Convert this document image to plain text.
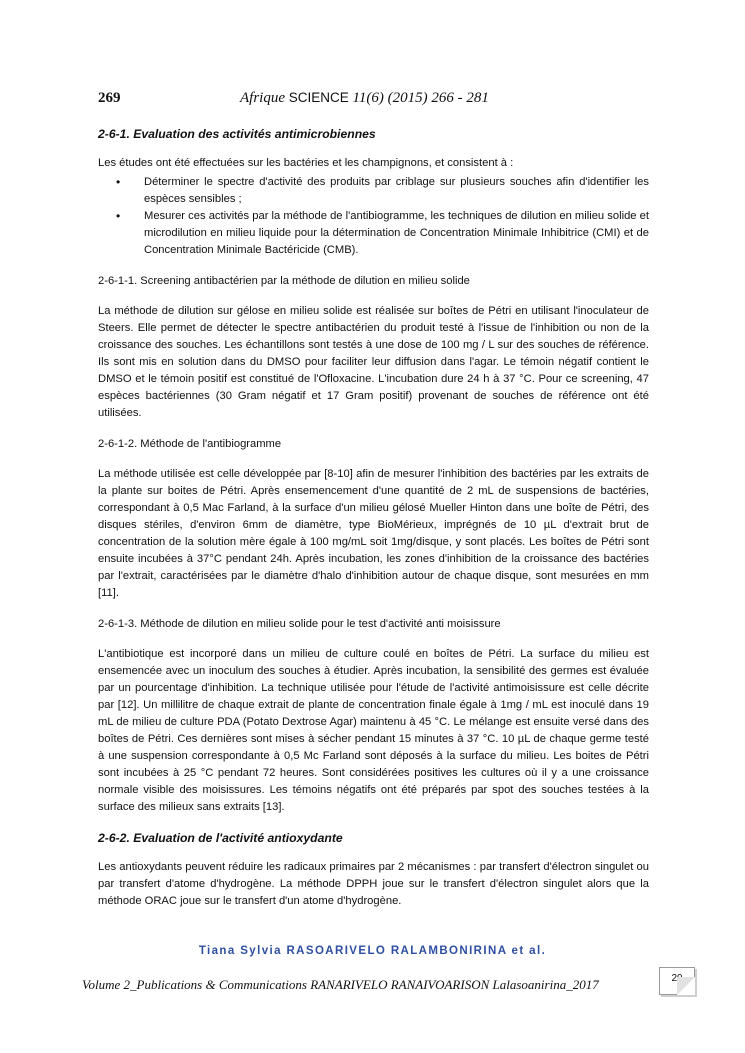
269	Afrique SCIENCE 11(6) (2015) 266 - 281
2-6-1. Evaluation des activités antimicrobiennes

Les études ont été effectuées sur les bactéries et les champignons, et consistent à :

• Déterminer le spectre d'activité des produits par criblage sur plusieurs souches afin d'identifier les espèces sensibles ;
• Mesurer ces activités par la méthode de l'antibiogramme, les techniques de dilution en milieu solide et microdilution en milieu liquide pour la détermination de Concentration Minimale Inhibitrice (CMI) et de Concentration Minimale Bactéricide (CMB).
2-6-1-1. Screening antibactérien par la méthode de dilution en milieu solide

La méthode de dilution sur gélose en milieu solide est réalisée sur boîtes de Pétri en utilisant l'inoculateur de Steers. Elle permet de détecter le spectre antibactérien du produit testé à l'issue de l'inhibition ou non de la croissance des souches. Les échantillons sont testés à une dose de 100 mg / L sur des souches de référence. Ils sont mis en solution dans du DMSO pour faciliter leur diffusion dans l'agar. Le témoin négatif contient le DMSO et le témoin positif est constitué de l'Ofloxacine. L'incubation dure 24 h à 37 °C. Pour ce screening, 47 espèces bactériennes (30 Gram négatif et 17 Gram positif) provenant de souches de référence ont été utilisées.

2-6-1-2. Méthode de l'antibiogramme

La méthode utilisée est celle développée par [8-10] afin de mesurer l'inhibition des bactéries par les extraits de la plante sur boites de Pétri. Après ensemencement d'une quantité de 2 mL de suspensions de bactéries, correspondant à 0,5 Mac Farland, à la surface d'un milieu gélosé Mueller Hinton dans une boîte de Pétri, des disques stériles, d'environ 6mm de diamètre, type BioMérieux, imprégnés de 10 µL d'extrait brut de concentration de la solution mère égale à 100 mg/mL soit 1mg/disque, y sont placés. Les boîtes de Pétri sont ensuite incubées à 37°C pendant 24h. Après incubation, les zones d'inhibition de la croissance des bactéries par l'extrait, caractérisées par le diamètre d'halo d'inhibition autour de chaque disque, sont mesurées en mm [11].

2-6-1-3. Méthode de dilution en milieu solide pour le test d'activité anti moisissure

L'antibiotique est incorporé dans un milieu de culture coulé en boîtes de Pétri. La surface du milieu est ensemencée avec un inoculum des souches à étudier. Après incubation, la sensibilité des germes est évaluée par un pourcentage d'inhibition. La technique utilisée pour l'étude de l'activité antimoisissure est celle décrite par [12]. Un millilitre de chaque extrait de plante de concentration finale égale à 1mg / mL est inoculé dans 19 mL de milieu de culture PDA (Potato Dextrose Agar) maintenu à 45 °C. Le mélange est ensuite versé dans des boîtes de Pétri. Ces dernières sont mises à sécher pendant 15 minutes à 37 °C. 10 µL de chaque germe testé à une suspension correspondante à 0,5 Mc Farland sont déposés à la surface du milieu. Les boites de Pétri sont incubées à 25 °C pendant 72 heures. Sont considérées positives les cultures où il y a une croissance normale visible des moisissures. Les témoins négatifs ont été préparés par spot des souches testées à la surface des milieux sans extraits [13].

2-6-2. Evaluation de l'activité antioxydante

Les antioxydants peuvent réduire les radicaux primaires par 2 mécanismes : par transfert d'électron singulet ou par transfert d'atome d'hydrogène. La méthode DPPH joue sur le transfert d'électron singulet alors que la méthode ORAC joue sur le transfert d'un atome d'hydrogène.

Tiana Sylvia RASOARIVELO RALAMBONIRINA et al.
Volume 2_Publications & Communications RANARIVELO RANAIVOARISON Lalasoanirina_2017	29
